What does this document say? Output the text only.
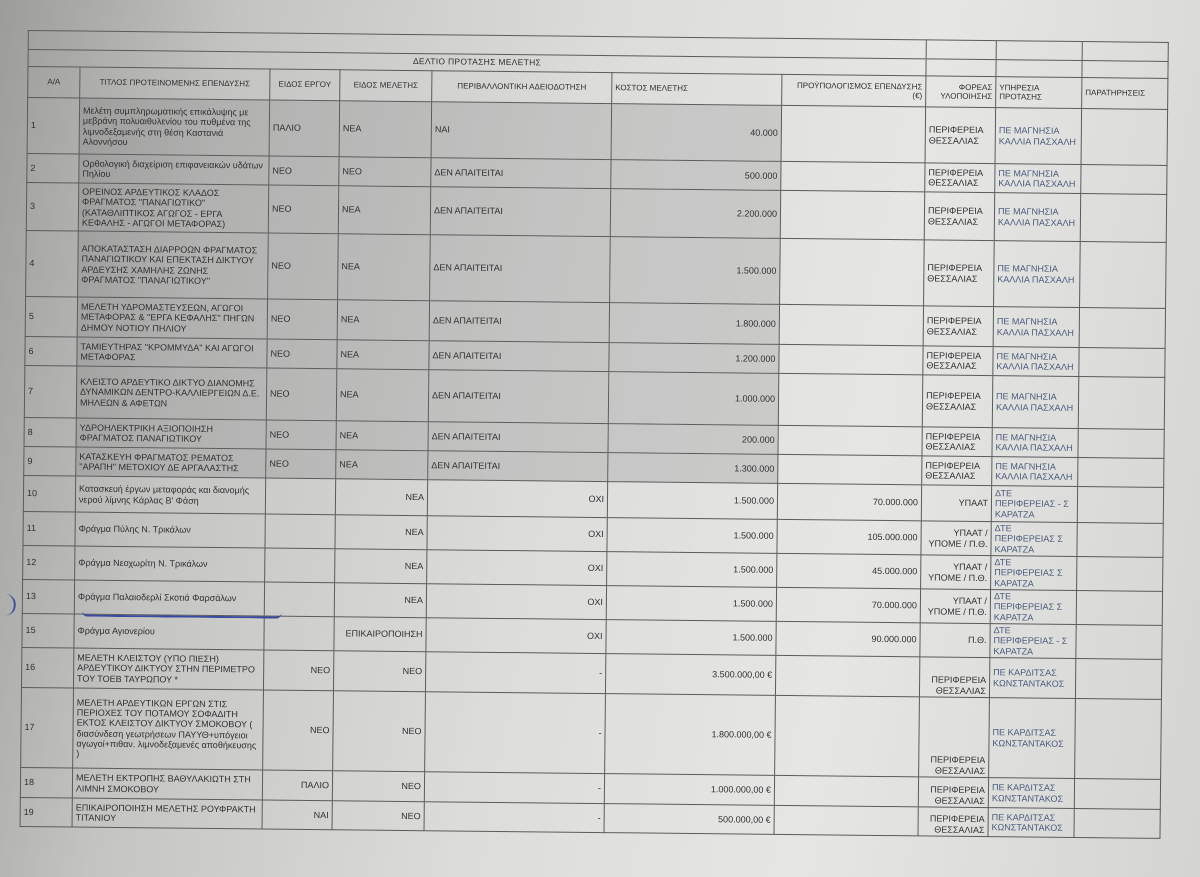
ΔΕΛΤΙΟ ΠΡΟΤΑΣΗΣ ΜΕΛΕΤΗΣ									
Α/Α	ΤΙΤΛΟΣ ΠΡΟΤΕΙΝΟΜΕΝΗΣ ΕΠΕΝΔΥΣΗΣ	ΕΙΔΟΣ ΕΡΓΟΥ	ΕΙΔΟΣ ΜΕΛΕΤΗΣ	ΠΕΡΙΒΑΛΛΟΝΤΙΚΗ ΑΔΕΙΟΔΟΤΗΣΗ	ΚΟΣΤΟΣ ΜΕΛΕΤΗΣ	ΠΡΟΫΠΟΛΟΓΙΣΜΟΣ ΕΠΕΝΔΥΣΗΣ (€)	ΦΟΡΕΑΣ ΥΛΟΠΟΙΗΣΗΣ	ΥΠΗΡΕΣΙΑ ΠΡΟΤΑΣΗΣ	ΠΑΡΑΤΗΡΗΣΕΙΣ
1	Μελέτη συμπληρωματικής επικάλυψης με μεβράνη πολυαιθυλενίου του πυθμένα της λιμνοδεξαμενής στη θέση Καστανιά Αλοννήσου	ΠΑΛΙΟ	ΝΕΑ	ΝΑΙ	40.000		ΠΕΡΙΦΕΡΕΙΑ ΘΕΣΣΑΛΙΑΣ	ΠΕ ΜΑΓΝΗΣΙΑ ΚΑΛΛΙΑ ΠΑΣΧΑΛΗ	
2	Ορθολογική διαχείριση επιφανειακών υδάτων Πηλίου	ΝΕΟ	ΝΕΟ	ΔΕΝ ΑΠΑΙΤΕΙΤΑΙ	500.000		ΠΕΡΙΦΕΡΕΙΑ ΘΕΣΣΑΛΙΑΣ	ΠΕ ΜΑΓΝΗΣΙΑ ΚΑΛΛΙΑ ΠΑΣΧΑΛΗ	
3	ΟΡΕΙΝΟΣ ΑΡΔΕΥΤΙΚΟΣ ΚΛΑΔΟΣ ΦΡΑΓΜΑΤΟΣ "ΠΑΝΑΓΙΩΤΙΚΟ" (ΚΑΤΑΘΛΙΠΤΙΚΟΣ ΑΓΩΓΟΣ - ΕΡΓΑ ΚΕΦΑΛΗΣ - ΑΓΩΓΟΙ ΜΕΤΑΦΟΡΑΣ)	ΝΕΟ	ΝΕΑ	ΔΕΝ ΑΠΑΙΤΕΙΤΑΙ	2.200.000		ΠΕΡΙΦΕΡΕΙΑ ΘΕΣΣΑΛΙΑΣ	ΠΕ ΜΑΓΝΗΣΙΑ ΚΑΛΛΙΑ ΠΑΣΧΑΛΗ	
4	ΑΠΟΚΑΤΑΣΤΑΣΗ ΔΙΑΡΡΟΩΝ ΦΡΑΓΜΑΤΟΣ ΠΑΝΑΓΙΩΤΙΚΟΥ ΚΑΙ ΕΠΕΚΤΑΣΗ ΔΙΚΤΥΟΥ ΑΡΔΕΥΣΗΣ ΧΑΜΗΛΗΣ ΖΩΝΗΣ ΦΡΑΓΜΑΤΟΣ "ΠΑΝΑΓΙΩΤΙΚΟΥ"	ΝΕΟ	ΝΕΑ	ΔΕΝ ΑΠΑΙΤΕΙΤΑΙ	1.500.000		ΠΕΡΙΦΕΡΕΙΑ ΘΕΣΣΑΛΙΑΣ	ΠΕ ΜΑΓΝΗΣΙΑ ΚΑΛΛΙΑ ΠΑΣΧΑΛΗ	
5	ΜΕΛΕΤΗ ΥΔΡΟΜΑΣΤΕΥΣΕΩΝ, ΑΓΩΓΟΙ ΜΕΤΑΦΟΡΑΣ & "ΕΡΓΑ ΚΕΦΑΛΗΣ" ΠΗΓΩΝ ΔΗΜΟΥ ΝΟΤΙΟΥ ΠΗΛΙΟΥ	ΝΕΟ	ΝΕΑ	ΔΕΝ ΑΠΑΙΤΕΙΤΑΙ	1.800.000		ΠΕΡΙΦΕΡΕΙΑ ΘΕΣΣΑΛΙΑΣ	ΠΕ ΜΑΓΝΗΣΙΑ ΚΑΛΛΙΑ ΠΑΣΧΑΛΗ	
6	ΤΑΜΙΕΥΤΗΡΑΣ "ΚΡΟΜΜΥΔΑ" ΚΑΙ ΑΓΩΓΟΙ ΜΕΤΑΦΟΡΑΣ	ΝΕΟ	ΝΕΑ	ΔΕΝ ΑΠΑΙΤΕΙΤΑΙ	1.200.000		ΠΕΡΙΦΕΡΕΙΑ ΘΕΣΣΑΛΙΑΣ	ΠΕ ΜΑΓΝΗΣΙΑ ΚΑΛΛΙΑ ΠΑΣΧΑΛΗ	
7	ΚΛΕΙΣΤΟ ΑΡΔΕΥΤΙΚΟ ΔΙΚΤΥΟ ΔΙΑΝΟΜΗΣ ΔΥΝΑΜΙΚΩΝ ΔΕΝΤΡΟ-ΚΑΛΛΙΕΡΓΕΙΩΝ Δ.Ε. ΜΗΛΕΩΝ & ΑΦΕΤΩΝ	ΝΕΟ	ΝΕΑ	ΔΕΝ ΑΠΑΙΤΕΙΤΑΙ	1.000.000		ΠΕΡΙΦΕΡΕΙΑ ΘΕΣΣΑΛΙΑΣ	ΠΕ ΜΑΓΝΗΣΙΑ ΚΑΛΛΙΑ ΠΑΣΧΑΛΗ	
8	ΥΔΡΟΗΛΕΚΤΡΙΚΗ ΑΞΙΟΠΟΙΗΣΗ ΦΡΑΓΜΑΤΟΣ ΠΑΝΑΓΙΩΤΙΚΟΥ	ΝΕΟ	ΝΕΑ	ΔΕΝ ΑΠΑΙΤΕΙΤΑΙ	200.000		ΠΕΡΙΦΕΡΕΙΑ ΘΕΣΣΑΛΙΑΣ	ΠΕ ΜΑΓΝΗΣΙΑ ΚΑΛΛΙΑ ΠΑΣΧΑΛΗ	
9	ΚΑΤΑΣΚΕΥΗ ΦΡΑΓΜΑΤΟΣ ΡΕΜΑΤΟΣ "ΑΡΑΠΗ" ΜΕΤΟΧΙΟΥ ΔΕ ΑΡΓΑΛΑΣΤΗΣ	ΝΕΟ	ΝΕΑ	ΔΕΝ ΑΠΑΙΤΕΙΤΑΙ	1.300.000		ΠΕΡΙΦΕΡΕΙΑ ΘΕΣΣΑΛΙΑΣ	ΠΕ ΜΑΓΝΗΣΙΑ ΚΑΛΛΙΑ ΠΑΣΧΑΛΗ	
10	Κατασκευή έργων μεταφοράς και διανομής νερού λίμνης Κάρλας Β' Φάση		ΝΕΑ	ΟΧΙ	1.500.000	70.000.000	ΥΠΑΑΤ	ΔΤΕ ΠΕΡΙΦΕΡΕΙΑΣ - Σ ΚΑΡΑΤΖΑ	
11	Φράγμα Πύλης Ν. Τρικάλων		ΝΕΑ	ΟΧΙ	1.500.000	105.000.000	ΥΠΑΑΤ / ΥΠΟΜΕ / Π.Θ.	ΔΤΕ ΠΕΡΙΦΕΡΕΙΑΣ Σ ΚΑΡΑΤΖΑ	
12	Φράγμα Νεοχωρίτη Ν. Τρικάλων		ΝΕΑ	ΟΧΙ	1.500.000	45.000.000	ΥΠΑΑΤ / ΥΠΟΜΕ / Π.Θ.	ΔΤΕ ΠΕΡΙΦΕΡΕΙΑΣ Σ ΚΑΡΑΤΖΑ	
13	Φράγμα Παλαιοδερλί Σκοτιά Φαρσάλων		ΝΕΑ	ΟΧΙ	1.500.000	70.000.000	ΥΠΑΑΤ / ΥΠΟΜΕ / Π.Θ.	ΔΤΕ ΠΕΡΙΦΕΡΕΙΑΣ Σ ΚΑΡΑΤΖΑ	
15	Φράγμα Αγιονερίου		ΕΠΙΚΑΙΡΟΠΟΙΗΣΗ	ΟΧΙ	1.500.000	90.000.000	Π.Θ.	ΔΤΕ ΠΕΡΙΦΕΡΕΙΑΣ - Σ ΚΑΡΑΤΖΑ	
16	ΜΕΛΕΤΗ ΚΛΕΙΣΤΟΥ (ΥΠΟ ΠΙΕΣΗ) ΑΡΔΕΥΤΙΚΟΥ ΔΙΚΤΥΟΥ ΣΤΗΝ ΠΕΡΙΜΕΤΡΟ ΤΟΥ ΤΟΕΒ ΤΑΥΡΩΠΟΥ *	ΝΕΟ	ΝΕΟ	-	3.500.000,00 €		ΠΕΡΙΦΕΡΕΙΑ ΘΕΣΣΑΛΙΑΣ	ΠΕ ΚΑΡΔΙΤΣΑΣ ΚΩΝΣΤΑΝΤΑΚΟΣ	
17	ΜΕΛΕΤΗ ΑΡΔΕΥΤΙΚΩΝ ΕΡΓΩΝ ΣΤΙΣ ΠΕΡΙΟΧΕΣ ΤΟΥ ΠΟΤΑΜΟΥ ΣΟΦΑΔΙΤΗ ΕΚΤΟΣ ΚΛΕΙΣΤΟΥ ΔΙΚΤΥΟΥ ΣΜΟΚΟΒΟΥ ( διασύνδεση γεωτρήσεων ΠΑΥΥΘ+υπόγειοι αγωγοί+πιθαν. λιμνοδεξαμενές αποθήκευσης )	ΝΕΟ	ΝΕΟ	-	1.800.000,00 €		ΠΕΡΙΦΕΡΕΙΑ ΘΕΣΣΑΛΙΑΣ	ΠΕ ΚΑΡΔΙΤΣΑΣ ΚΩΝΣΤΑΝΤΑΚΟΣ	
18	ΜΕΛΕΤΗ ΕΚΤΡΟΠΗΣ ΒΑΘΥΛΑΚΙΩΤΗ ΣΤΗ ΛΙΜΝΗ ΣΜΟΚΟΒΟΥ	ΠΑΛΙΟ	ΝΕΟ	-	1.000.000,00 €		ΠΕΡΙΦΕΡΕΙΑ ΘΕΣΣΑΛΙΑΣ	ΠΕ ΚΑΡΔΙΤΣΑΣ ΚΩΝΣΤΑΝΤΑΚΟΣ	
19	ΕΠΙΚΑΙΡΟΠΟΙΗΣΗ ΜΕΛΕΤΗΣ ΡΟΥΦΡΑΚΤΗ ΤΙΤΑΝΙΟΥ	ΝΑΙ	ΝΕΟ	-	500.000,00 €		ΠΕΡΙΦΕΡΕΙΑ ΘΕΣΣΑΛΙΑΣ	ΠΕ ΚΑΡΔΙΤΣΑΣ ΚΩΝΣΤΑΝΤΑΚΟΣ	
